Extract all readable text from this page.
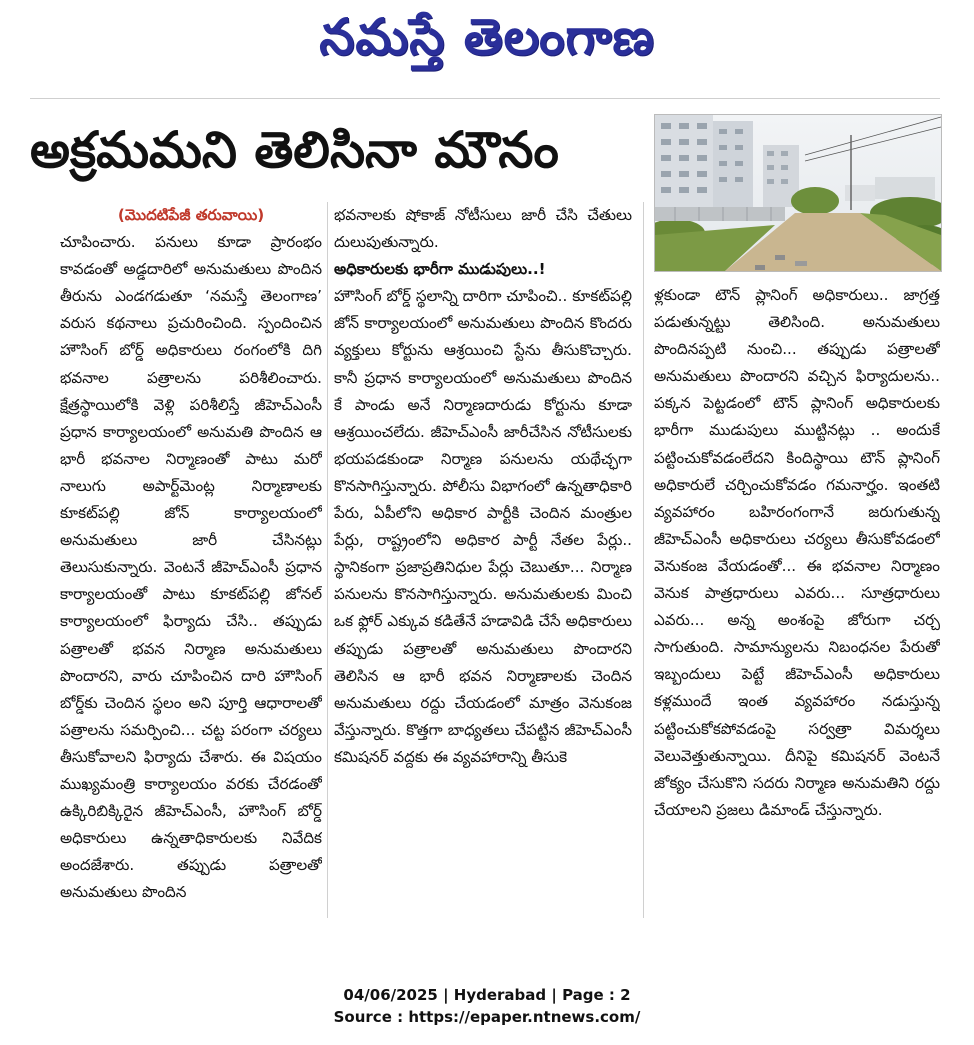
నమస్తే తెలంగాణ
అక్రమమని తెలిసినా మౌనం
(మొదటిపేజీ తరువాయి)

చూపించారు. పనులు కూడా ప్రారంభం కావడంతో అడ్డదారిలో అనుమతులు పొందిన తీరును ఎండగడుతూ ‘నమస్తే తెలంగాణ’ వరుస కథనాలు ప్రచురించింది. స్పందించిన హౌసింగ్ బోర్డ్ అధికారులు రంగంలోకి దిగి భవనాల పత్రాలను పరిశీలించారు. క్షేత్రస్థాయిలోకి వెళ్లి పరిశీలిస్తే జీహెచ్ఎంసీ ప్రధాన కార్యాలయంలో అనుమతి పొందిన ఆ భారీ భవనాల నిర్మాణంతో పాటు మరో నాలుగు అపార్ట్‌మెంట్ల నిర్మాణాలకు కూకట్‌పల్లి జోన్ కార్యాలయంలో అనుమతులు జారీ చేసినట్లు తెలుసుకున్నారు. వెంటనే జీహెచ్ఎంసీ ప్రధాన కార్యాలయంతో పాటు కూకట్‌పల్లి జోనల్ కార్యాలయంలో ఫిర్యాదు చేసి.. తప్పుడు పత్రాలతో భవన నిర్మాణ అనుమతులు పొందారని, వారు చూపించిన దారి హౌసింగ్ బోర్డ్‌కు చెందిన స్థలం అని పూర్తి ఆధారాలతో పత్రాలను సమర్పించి... చట్ట పరంగా చర్యలు తీసుకోవాలని ఫిర్యాదు చేశారు. ఈ విషయం ముఖ్యమంత్రి కార్యాలయం వరకు చేరడంతో ఉక్కిరిబిక్కిరైన జీహెచ్ఎంసీ, హౌసింగ్ బోర్డ్ అధికారులు ఉన్నతాధికారులకు నివేదిక అందజేశారు. తప్పుడు పత్రాలతో అనుమతులు పొందిన

భవనాలకు షోకాజ్ నోటీసులు జారీ చేసి చేతులు దులుపుతున్నారు.

అధికారులకు భారీగా ముడుపులు..!

హౌసింగ్ బోర్డ్ స్థలాన్ని దారిగా చూపించి.. కూకట్‌పల్లి జోన్ కార్యాలయంలో అనుమతులు పొందిన కొందరు వ్యక్తులు కోర్టును ఆశ్రయించి స్టేను తీసుకొచ్చారు. కానీ ప్రధాన కార్యాలయంలో అనుమతులు పొందిన కే పాండు అనే నిర్మాణదారుడు కోర్టును కూడా ఆశ్రయించలేదు. జీహెచ్ఎంసీ జారీచేసిన నోటీసులకు భయపడకుండా నిర్మాణ పనులను యథేచ్ఛగా కొనసాగిస్తున్నారు. పోలీసు విభాగంలో ఉన్నతాధికారి పేరు, ఏపీలోని అధికార పార్టీకి చెందిన మంత్రుల పేర్లు, రాష్ట్రంలోని అధికార పార్టీ నేతల పేర్లు.. స్థానికంగా ప్రజాప్రతినిధుల పేర్లు చెబుతూ... నిర్మాణ పనులను కొనసాగిస్తున్నారు. అనుమతులకు మించి ఒక ఫ్లోర్ ఎక్కువ కడితేనే హడావిడి చేసే అధికారులు తప్పుడు పత్రాలతో అనుమతులు పొందారని తెలిసిన ఆ భారీ భవన నిర్మాణాలకు చెందిన అనుమతులు రద్దు చేయడంలో మాత్రం వెనుకంజ వేస్తున్నారు. కొత్తగా బాధ్యతలు చేపట్టిన జీహెచ్ఎంసీ కమిషనర్ వద్దకు ఈ వ్యవహారాన్ని తీసుకె

ళ్లకుండా టౌన్ ప్లానింగ్ అధికారులు.. జాగ్రత్త పడుతున్నట్టు తెలిసింది. అనుమతులు పొందినప్పటి నుంచి... తప్పుడు పత్రాలతో అనుమతులు పొందారని వచ్చిన ఫిర్యాదులను.. పక్కన పెట్టడంలో టౌన్ ప్లానింగ్ అధికారులకు భారీగా ముడుపులు ముట్టినట్లు .. అందుకే పట్టించుకోవడంలేదని కిందిస్థాయి టౌన్ ప్లానింగ్ అధికారులే చర్చించుకోవడం గమనార్హం. ఇంతటి వ్యవహారం బహిరంగంగానే జరుగుతున్న జీహెచ్ఎంసీ అధికారులు చర్యలు తీసుకోవడంలో వెనుకంజ వేయడంతో... ఈ భవనాల నిర్మాణం వెనుక పాత్రధారులు ఎవరు... సూత్రధారులు ఎవరు... అన్న అంశంపై జోరుగా చర్చ సాగుతుంది. సామాన్యులను నిబంధనల పేరుతో ఇబ్బందులు పెట్టే జీహెచ్ఎంసీ అధికారులు కళ్లముందే ఇంత వ్యవహారం నడుస్తున్న పట్టించుకోకపోవడంపై సర్వత్రా విమర్శలు వెలువెత్తుతున్నాయి. దీనిపై కమిషనర్ వెంటనే జోక్యం చేసుకొని సదరు నిర్మాణ అనుమతిని రద్దు చేయాలని ప్రజలు డిమాండ్ చేస్తున్నారు.

04/06/2025 | Hyderabad | Page : 2
Source : https://epaper.ntnews.com/
